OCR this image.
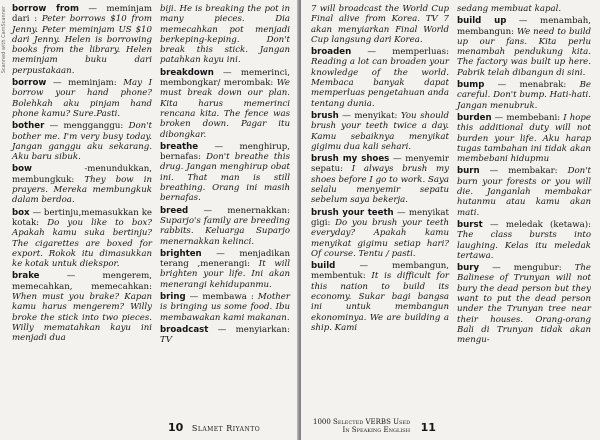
Scanned with CamScanner borrow from — meminjam dari : Peter borrows $10 from Jenny. Peter meminjam US $10 dari Jenny. Helen is borrowing books from the library. Helen meminjam buku dari perpustakaan.
borrow — meminjam: May I borrow your hand phone? Bolehkah aku pinjam hand phone kamu? Sure.Pasti.
bother — mengganggu: Don't bother me. I'm very busy today. Jangan ganggu aku sekarang. Aku baru sibuk.
bow -menundukkan, membungkuk: They bow in prayers. Mereka membungkuk dalam berdoa.
box — bertinju,memasukkan ke kotak: Do you like to box? Apakah kamu suka bertinju? The cigarettes are boxed for export. Rokok itu dimasukkan ke kotak untuk diekspor.
brake — mengerem, memecahkan, memecahkan: When must you brake? Kapan kamu harus mengerem? Willy broke the stick into two pieces. Willy mematahkan kayu ini menjadi dua
biji. He is breaking the pot in many pieces. Dia memecahkan pot menjadi berkeping-keping. Don't break this stick. Jangan patahkan kayu ini.
breakdown — memerinci, membongkar/ merombak: We must break down our plan. Kita harus memerinci rencana kita. The fence was broken down. Pagar itu dibongkar.
breathe — menghirup, bernafas: Don't breathe this drug. Jangan menghirup obat ini. That man is still breathing. Orang ini masih bernafas.
breed — menernakkan: Suparjo's family are breeding rabbits. Keluarga Suparjo menernakkan kelinci.
brighten — menjadikan terang ,menerangi: It will brighten your life. Ini akan menerangi kehidupanmu.
bring — membawa : Mother is bringing us some food. Ibu membawakan kami makanan.
broadcast — menyiarkan: TV
10 Slamet Riyanto
7 will broadcast the World Cup Final alive from Korea. TV 7 akan menyiarkan Final World Cup langsung dari Korea.
broaden — memperluas: Reading a lot can broaden your knowledge of the world. Membaca banyak dapat memperluas pengetahuan anda tentang dunia.
brush — menyikat: You should brush your teeth twice a day. Kamu sebaiknya menyikat gigimu dua kali sehari.
brush my shoes — menyemir sepatu: I always brush my shoes before I go to work. Saya selalu menyemir sepatu sebelum saya bekerja.
brush your teeth — menyikat gigi: Do you brush your teeth everyday? Apakah kamu menyikat gigimu setiap hari? Of course. Tentu / pasti.
build — membangun, membentuk: It is difficult for this nation to build its economy. Sukar bagi bangsa ini untuk membangun ekonominya. We are building a ship. Kami
sedang membuat kapal.
build up — menambah, membangun: We need to build up our fans. Kita perlu menambah pendukung kita. The factory was built up here. Pabrik telah dibangun di sini.
bump — menabrak: Be careful. Don't bump. Hati-hati. Jangan menubruk.
burden — membebani: I hope this additional duty will not burden your life. Aku harap tugas tambahan ini tidak akan membebani hidupmu
burn — membakar: Don't burn your forests or you will die. Janganlah membakar hutanmu atau kamu akan mati.
burst — meledak (ketawa): The class bursts into laughing. Kelas itu meledak tertawa.
bury — mengubur: The Balinese of Trunyan will not bury the dead person but they want to put the dead person under the Trunyan tree near their houses. Orang-orang Bali di Trunyan tidak akan mengu-
1000 Selected VERBS Used
In Speaking English 11
